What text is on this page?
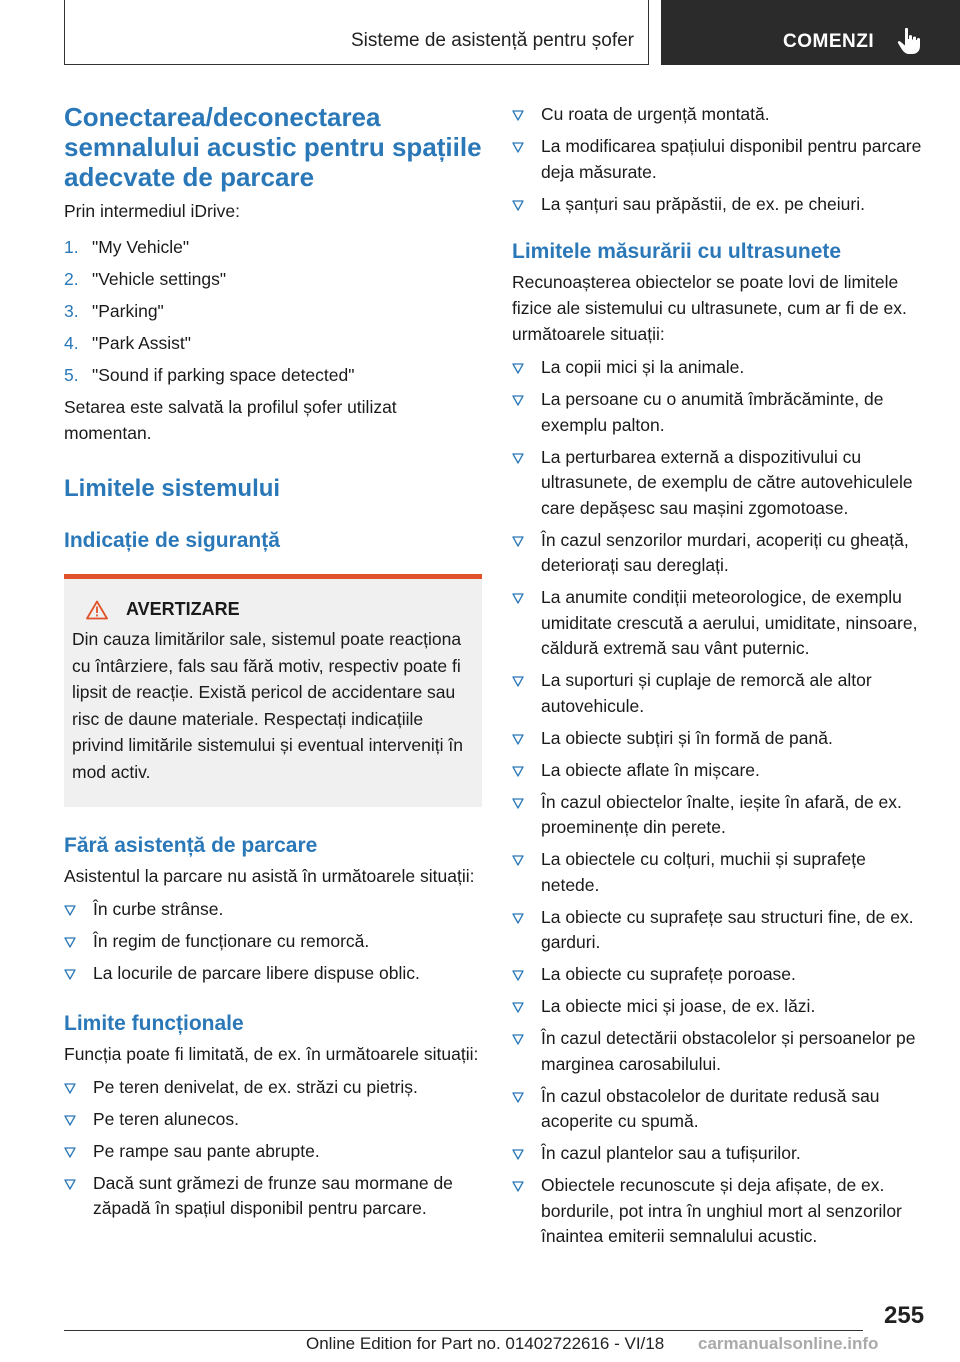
Sisteme de asistență pentru șofer	COMENZI
Conectarea/deconectarea semnalului acustic pentru spațiile adecvate de parcare
Prin intermediul iDrive:
1. "My Vehicle"
2. "Vehicle settings"
3. "Parking"
4. "Park Assist"
5. "Sound if parking space detected"
Setarea este salvată la profilul șofer utilizat momentan.
Limitele sistemului
Indicație de siguranță
AVERTIZARE
Din cauza limitărilor sale, sistemul poate reacționa cu întârziere, fals sau fără motiv, respectiv poate fi lipsit de reacție. Există pericol de accidentare sau risc de daune materiale. Respectați indicațiile privind limitările sistemului și eventual interveniți în mod activ.
Fără asistență de parcare
Asistentul la parcare nu asistă în următoarele situații:
În curbe strânse.
În regim de funcționare cu remorcă.
La locurile de parcare libere dispuse oblic.
Limite funcționale
Funcția poate fi limitată, de ex. în următoarele situații:
Pe teren denivelat, de ex. străzi cu pietriș.
Pe teren alunecos.
Pe rampe sau pante abrupte.
Dacă sunt grămezi de frunze sau mormane de zăpadă în spațiul disponibil pentru parcare.
Cu roata de urgență montată.
La modificarea spațiului disponibil pentru parcare deja măsurate.
La șanțuri sau prăpăstii, de ex. pe cheiuri.
Limitele măsurării cu ultrasunete
Recunoașterea obiectelor se poate lovi de limitele fizice ale sistemului cu ultrasunete, cum ar fi de ex. următoarele situații:
La copii mici și la animale.
La persoane cu o anumită îmbrăcăminte, de exemplu palton.
La perturbarea externă a dispozitivului cu ultrasunete, de exemplu de către autovehiculele care depășesc sau mașini zgomotoase.
În cazul senzorilor murdari, acoperiți cu gheață, deteriorați sau dereglați.
La anumite condiții meteorologice, de exemplu umiditate crescută a aerului, umiditate, ninsoare, căldură extremă sau vânt puternic.
La suporturi și cuplaje de remorcă ale altor autovehicule.
La obiecte subțiri și în formă de pană.
La obiecte aflate în mișcare.
În cazul obiectelor înalte, ieșite în afară, de ex. proeminențe din perete.
La obiectele cu colțuri, muchii și suprafețe netede.
La obiecte cu suprafețe sau structuri fine, de ex. garduri.
La obiecte cu suprafețe poroase.
La obiecte mici și joase, de ex. lăzi.
În cazul detectării obstacolelor și persoanelor pe marginea carosabilului.
În cazul obstacolelor de duritate redusă sau acoperite cu spumă.
În cazul plantelor sau a tufișurilor.
Obiectele recunoscute și deja afișate, de ex. bordurile, pot intra în unghiul mort al senzorilor înaintea emiterii semnalului acustic.
255
Online Edition for Part no. 01402722616 - VI/18 carmanualsonline.info
